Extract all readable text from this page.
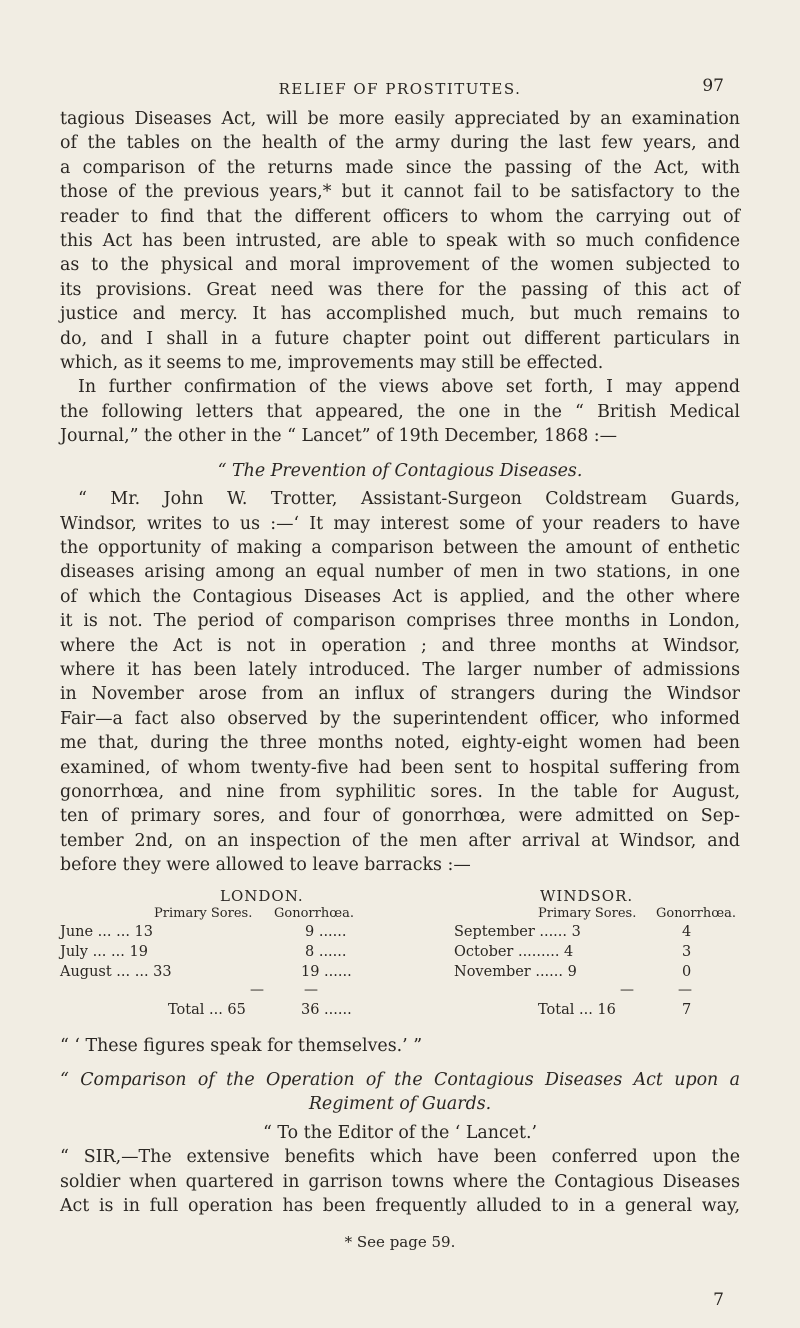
RELIEF OF PROSTITUTES.	97
tagious Diseases Act, will be more easily appreciated by an examination
of the tables on the health of the army during the last few years, and
a comparison of the returns made since the passing of the Act, with
those of the previous years,* but it cannot fail to be satisfactory to the
reader to find that the different officers to whom the carrying out of
this Act has been intrusted, are able to speak with so much confidence
as to the physical and moral improvement of the women subjected to
its provisions. Great need was there for the passing of this act of
justice and mercy. It has accomplished much, but much remains to
do, and I shall in a future chapter point out different particulars in
which, as it seems to me, improvements may still be effected.
In further confirmation of the views above set forth, I may append
the following letters that appeared, the one in the “ British Medical
Journal,” the other in the “ Lancet” of 19th December, 1868 :—
“ The Prevention of Contagious Diseases.
“ Mr. John W. Trotter, Assistant-Surgeon Coldstream Guards,
Windsor, writes to us :—‘ It may interest some of your readers to have
the opportunity of making a comparison between the amount of enthetic
diseases arising among an equal number of men in two stations, in one
of which the Contagious Diseases Act is applied, and the other where
it is not. The period of comparison comprises three months in London,
where the Act is not in operation ; and three months at Windsor,
where it has been lately introduced. The larger number of admissions
in November arose from an influx of strangers during the Windsor
Fair—a fact also observed by the superintendent officer, who informed
me that, during the three months noted, eighty-eight women had been
examined, of whom twenty-five had been sent to hospital suffering from
gonorrhœa, and nine from syphilitic sores. In the table for August,
ten of primary sores, and four of gonorrhœa, were admitted on Sep-
tember 2nd, on an inspection of the men after arrival at Windsor, and
before they were allowed to leave barracks :—
LONDON.	WINDSOR.
Primary Sores. Gonorrhœa.	Primary Sores. Gonorrhœa.
June ... ... 13	9 ......	September ...... 3	4
July ... ... 19	8 ......	October ......... 4	3
August ... ... 33	19 ......	November ...... 9	0
—	—	—	—
Total ... 65	36 ......	Total ... 16	7
“ ‘ These figures speak for themselves.’ ”
“ Comparison of the Operation of the Contagious Diseases Act upon a
Regiment of Guards.
“ To the Editor of the ‘ Lancet.’
“ SIR,—The extensive benefits which have been conferred upon the
soldier when quartered in garrison towns where the Contagious Diseases
Act is in full operation has been frequently alluded to in a general way,
* See page 59.
7
